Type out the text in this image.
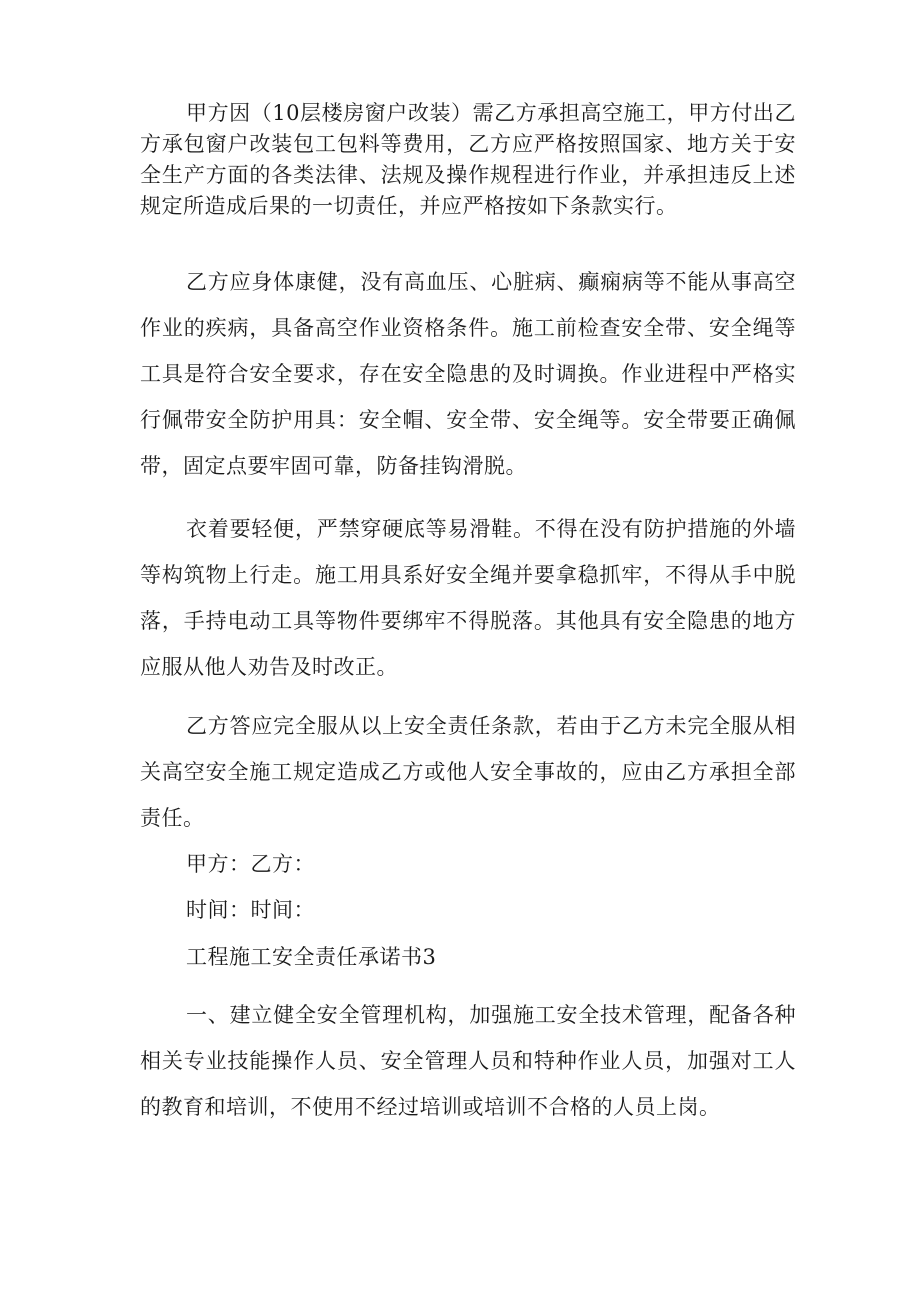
甲方因（10层楼房窗户改装）需乙方承担高空施工，甲方付出乙方承包窗户改装包工包料等费用，乙方应严格按照国家、地方关于安全生产方面的各类法律、法规及操作规程进行作业，并承担违反上述规定所造成后果的一切责任，并应严格按如下条款实行。

乙方应身体康健，没有高血压、心脏病、癫痫病等不能从事高空作业的疾病，具备高空作业资格条件。施工前检查安全带、安全绳等工具是符合安全要求，存在安全隐患的及时调换。作业进程中严格实行佩带安全防护用具：安全帽、安全带、安全绳等。安全带要正确佩带，固定点要牢固可靠，防备挂钩滑脱。

衣着要轻便，严禁穿硬底等易滑鞋。不得在没有防护措施的外墙等构筑物上行走。施工用具系好安全绳并要拿稳抓牢，不得从手中脱落，手持电动工具等物件要绑牢不得脱落。其他具有安全隐患的地方应服从他人劝告及时改正。

乙方答应完全服从以上安全责任条款，若由于乙方未完全服从相关高空安全施工规定造成乙方或他人安全事故的，应由乙方承担全部责任。

甲方：乙方：

时间：时间：

工程施工安全责任承诺书3

一、建立健全安全管理机构，加强施工安全技术管理，配备各种相关专业技能操作人员、安全管理人员和特种作业人员，加强对工人的教育和培训，不使用不经过培训或培训不合格的人员上岗。
